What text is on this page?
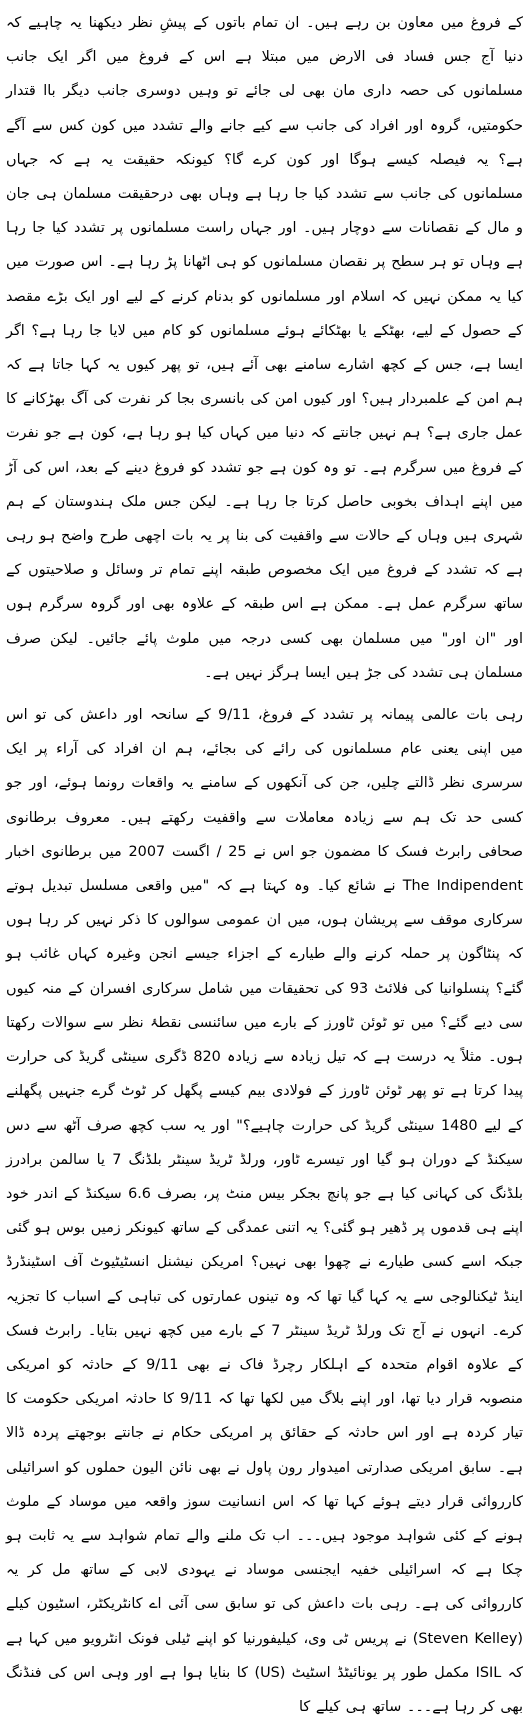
کے فروغ میں معاون بن رہے ہیں۔ ان تمام باتوں کے پیشِ نظر دیکھنا یہ چاہیے کہ دنیا آج جس فساد فی الارض میں مبتلا ہے اس کے فروغ میں اگر ایک جانب مسلمانوں کی حصہ داری مان بھی لی جائے تو وہیں دوسری جانب دیگر باا قتدار حکومتیں، گروہ اور افراد کی جانب سے کیے جانے والے تشدد میں کون کس سے آگے ہے؟ یہ فیصلہ کیسے ہوگا اور کون کرے گا؟ کیونکہ حقیقت یہ ہے کہ جہاں مسلمانوں کی جانب سے تشدد کیا جا رہا ہے وہاں بھی درحقیقت مسلمان ہی جان و مال کے نقصانات سے دوچار ہیں۔ اور جہاں راست مسلمانوں پر تشدد کیا جا رہا ہے وہاں تو ہر سطح پر نقصان مسلمانوں کو ہی اٹھانا پڑ رہا ہے۔ اس صورت میں کیا یہ ممکن نہیں کہ اسلام اور مسلمانوں کو بدنام کرنے کے لیے اور ایک بڑے مقصد کے حصول کے لیے، بھٹکے یا بھٹکائے ہوئے مسلمانوں کو کام میں لایا جا رہا ہے؟ اگر ایسا ہے، جس کے کچھ اشارے سامنے بھی آئے ہیں، تو پھر کیوں یہ کہا جاتا ہے کہ ہم امن کے علمبردار ہیں؟ اور کیوں امن کی بانسری بجا کر نفرت کی آگ بھڑکانے کا عمل جاری ہے؟ ہم نہیں جانتے کہ دنیا میں کہاں کیا ہو رہا ہے، کون ہے جو نفرت کے فروغ میں سرگرم ہے۔ تو وہ کون ہے جو تشدد کو فروغ دینے کے بعد، اس کی آڑ میں اپنے اہداف بخوبی حاصل کرتا جا رہا ہے۔ لیکن جس ملک ہندوستان کے ہم شہری ہیں وہاں کے حالات سے واقفیت کی بنا پر یہ بات اچھی طرح واضح ہو رہی ہے کہ تشدد کے فروغ میں ایک مخصوص طبقہ اپنے تمام تر وسائل و صلاحیتوں کے ساتھ سرگرم عمل ہے۔ ممکن ہے اس طبقہ کے علاوہ بھی اور گروہ سرگرم ہوں اور "ان اور" میں مسلمان بھی کسی درجہ میں ملوث پائے جائیں۔ لیکن صرف مسلمان ہی تشدد کی جڑ ہیں ایسا ہرگز نہیں ہے۔

رہی بات عالمی پیمانہ پر تشدد کے فروغ، 9/11 کے سانحہ اور داعش کی تو اس میں اپنی یعنی عام مسلمانوں کی رائے کی بجائے، ہم ان افراد کی آراء پر ایک سرسری نظر ڈالتے چلیں، جن کی آنکھوں کے سامنے یہ واقعات رونما ہوئے، اور جو کسی حد تک ہم سے زیادہ معاملات سے واقفیت رکھتے ہیں۔ معروف برطانوی صحافی رابرٹ فسک کا مضمون جو اس نے 25 / اگست 2007 میں برطانوی اخبار The Indipendent نے شائع کیا۔ وہ کہتا ہے کہ "میں واقعی مسلسل تبدیل ہوتے سرکاری موقف سے پریشان ہوں، میں ان عمومی سوالوں کا ذکر نہیں کر رہا ہوں کہ پنٹاگون پر حملہ کرنے والے طیارے کے اجزاء جیسے انجن وغیرہ کہاں غائب ہو گئے؟ پنسلوانیا کی فلائٹ 93 کی تحقیقات میں شامل سرکاری افسران کے منہ کیوں سی دیے گئے؟ میں تو ٹوئن ٹاورز کے بارے میں سائنسی نقطۂ نظر سے سوالات رکھتا ہوں۔ مثلاً یہ درست ہے کہ تیل زیادہ سے زیادہ 820 ڈگری سینٹی گریڈ کی حرارت پیدا کرتا ہے تو پھر ٹوئن ٹاورز کے فولادی بیم کیسے پگھل کر ٹوٹ گرے جنہیں پگھلنے کے لیے 1480 سینٹی گریڈ کی حرارت چاہیے؟" اور یہ سب کچھ صرف آٹھ سے دس سیکنڈ کے دوران ہو گیا اور تیسرے ٹاور، ورلڈ ٹریڈ سینٹر بلڈنگ 7 یا سالمن برادرز بلڈنگ کی کہانی کیا ہے جو پانچ بجکر بیس منٹ پر، بصرف 6.6 سیکنڈ کے اندر خود اپنے ہی قدموں پر ڈھیر ہو گئی؟ یہ اتنی عمدگی کے ساتھ کیونکر زمیں بوس ہو گئی جبکہ اسے کسی طیارے نے چھوا بھی نہیں؟ امریکن نیشنل انسٹیٹیوٹ آف اسٹینڈرڈ اینڈ ٹیکنالوجی سے یہ کہا گیا تھا کہ وہ تینوں عمارتوں کی تباہی کے اسباب کا تجزیہ کرے۔ انہوں نے آج تک ورلڈ ٹریڈ سینٹر 7 کے بارے میں کچھ نہیں بتایا۔ رابرٹ فسک کے علاوہ اقوام متحدہ کے اہلکار رچرڈ فاک نے بھی 9/11 کے حادثہ کو امریکی منصوبہ قرار دیا تھا، اور اپنے بلاگ میں لکھا تھا کہ 9/11 کا حادثہ امریکی حکومت کا تیار کردہ ہے اور اس حادثہ کے حقائق پر امریکی حکام نے جانتے بوجھتے پردہ ڈالا ہے۔ سابق امریکی صدارتی امیدوار رون پاول نے بھی نائن الیون حملوں کو اسرائیلی کارروائی قرار دیتے ہوئے کہا تھا کہ اس انسانیت سوز واقعہ میں موساد کے ملوث ہونے کے کئی شواہد موجود ہیں۔۔۔ اب تک ملنے والے تمام شواہد سے یہ ثابت ہو چکا ہے کہ اسرائیلی خفیہ ایجنسی موساد نے یہودی لابی کے ساتھ مل کر یہ کارروائی کی ہے۔ رہی بات داعش کی تو سابق سی آئی اے کانٹریکٹر، اسٹیون کیلے (Steven Kelley) نے پریس ٹی وی، کیلیفورنیا کو اپنے ٹیلی فونک انٹرویو میں کہا ہے کہ ISIL مکمل طور پر یونائیٹڈ اسٹیٹ (US) کا بنایا ہوا ہے اور وہی اس کی فنڈنگ بھی کر رہا ہے۔۔۔ ساتھ ہی کیلے کا
